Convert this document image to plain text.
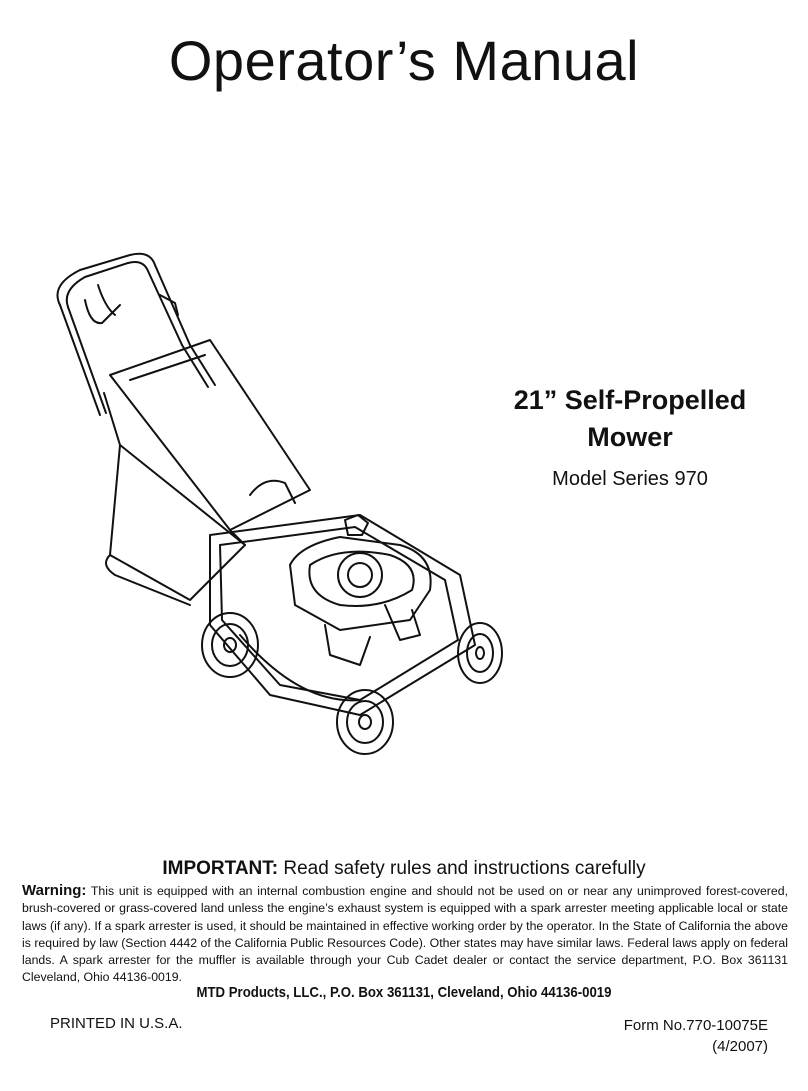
Operator’s Manual
21” Self-Propelled
Mower
Model Series 970
IMPORTANT: Read safety rules and instructions carefully
Warning: This unit is equipped with an internal combustion engine and should not be used on or near any unimproved forest-covered, brush-covered or grass-covered land unless the engine’s exhaust system is equipped with a spark arrester meeting applicable local or state laws (if any). If a spark arrester is used, it should be maintained in effective working order by the operator. In the State of California the above is required by law (Section 4442 of the California Public Resources Code). Other states may have similar laws. Federal laws apply on federal lands. A spark arrester for the muffler is available through your Cub Cadet dealer or contact the service department, P.O. Box 361131 Cleveland, Ohio 44136-0019.
MTD Products, LLC., P.O. Box 361131, Cleveland, Ohio 44136-0019
PRINTED IN U.S.A.	Form No.770-10075E
(4/2007)
